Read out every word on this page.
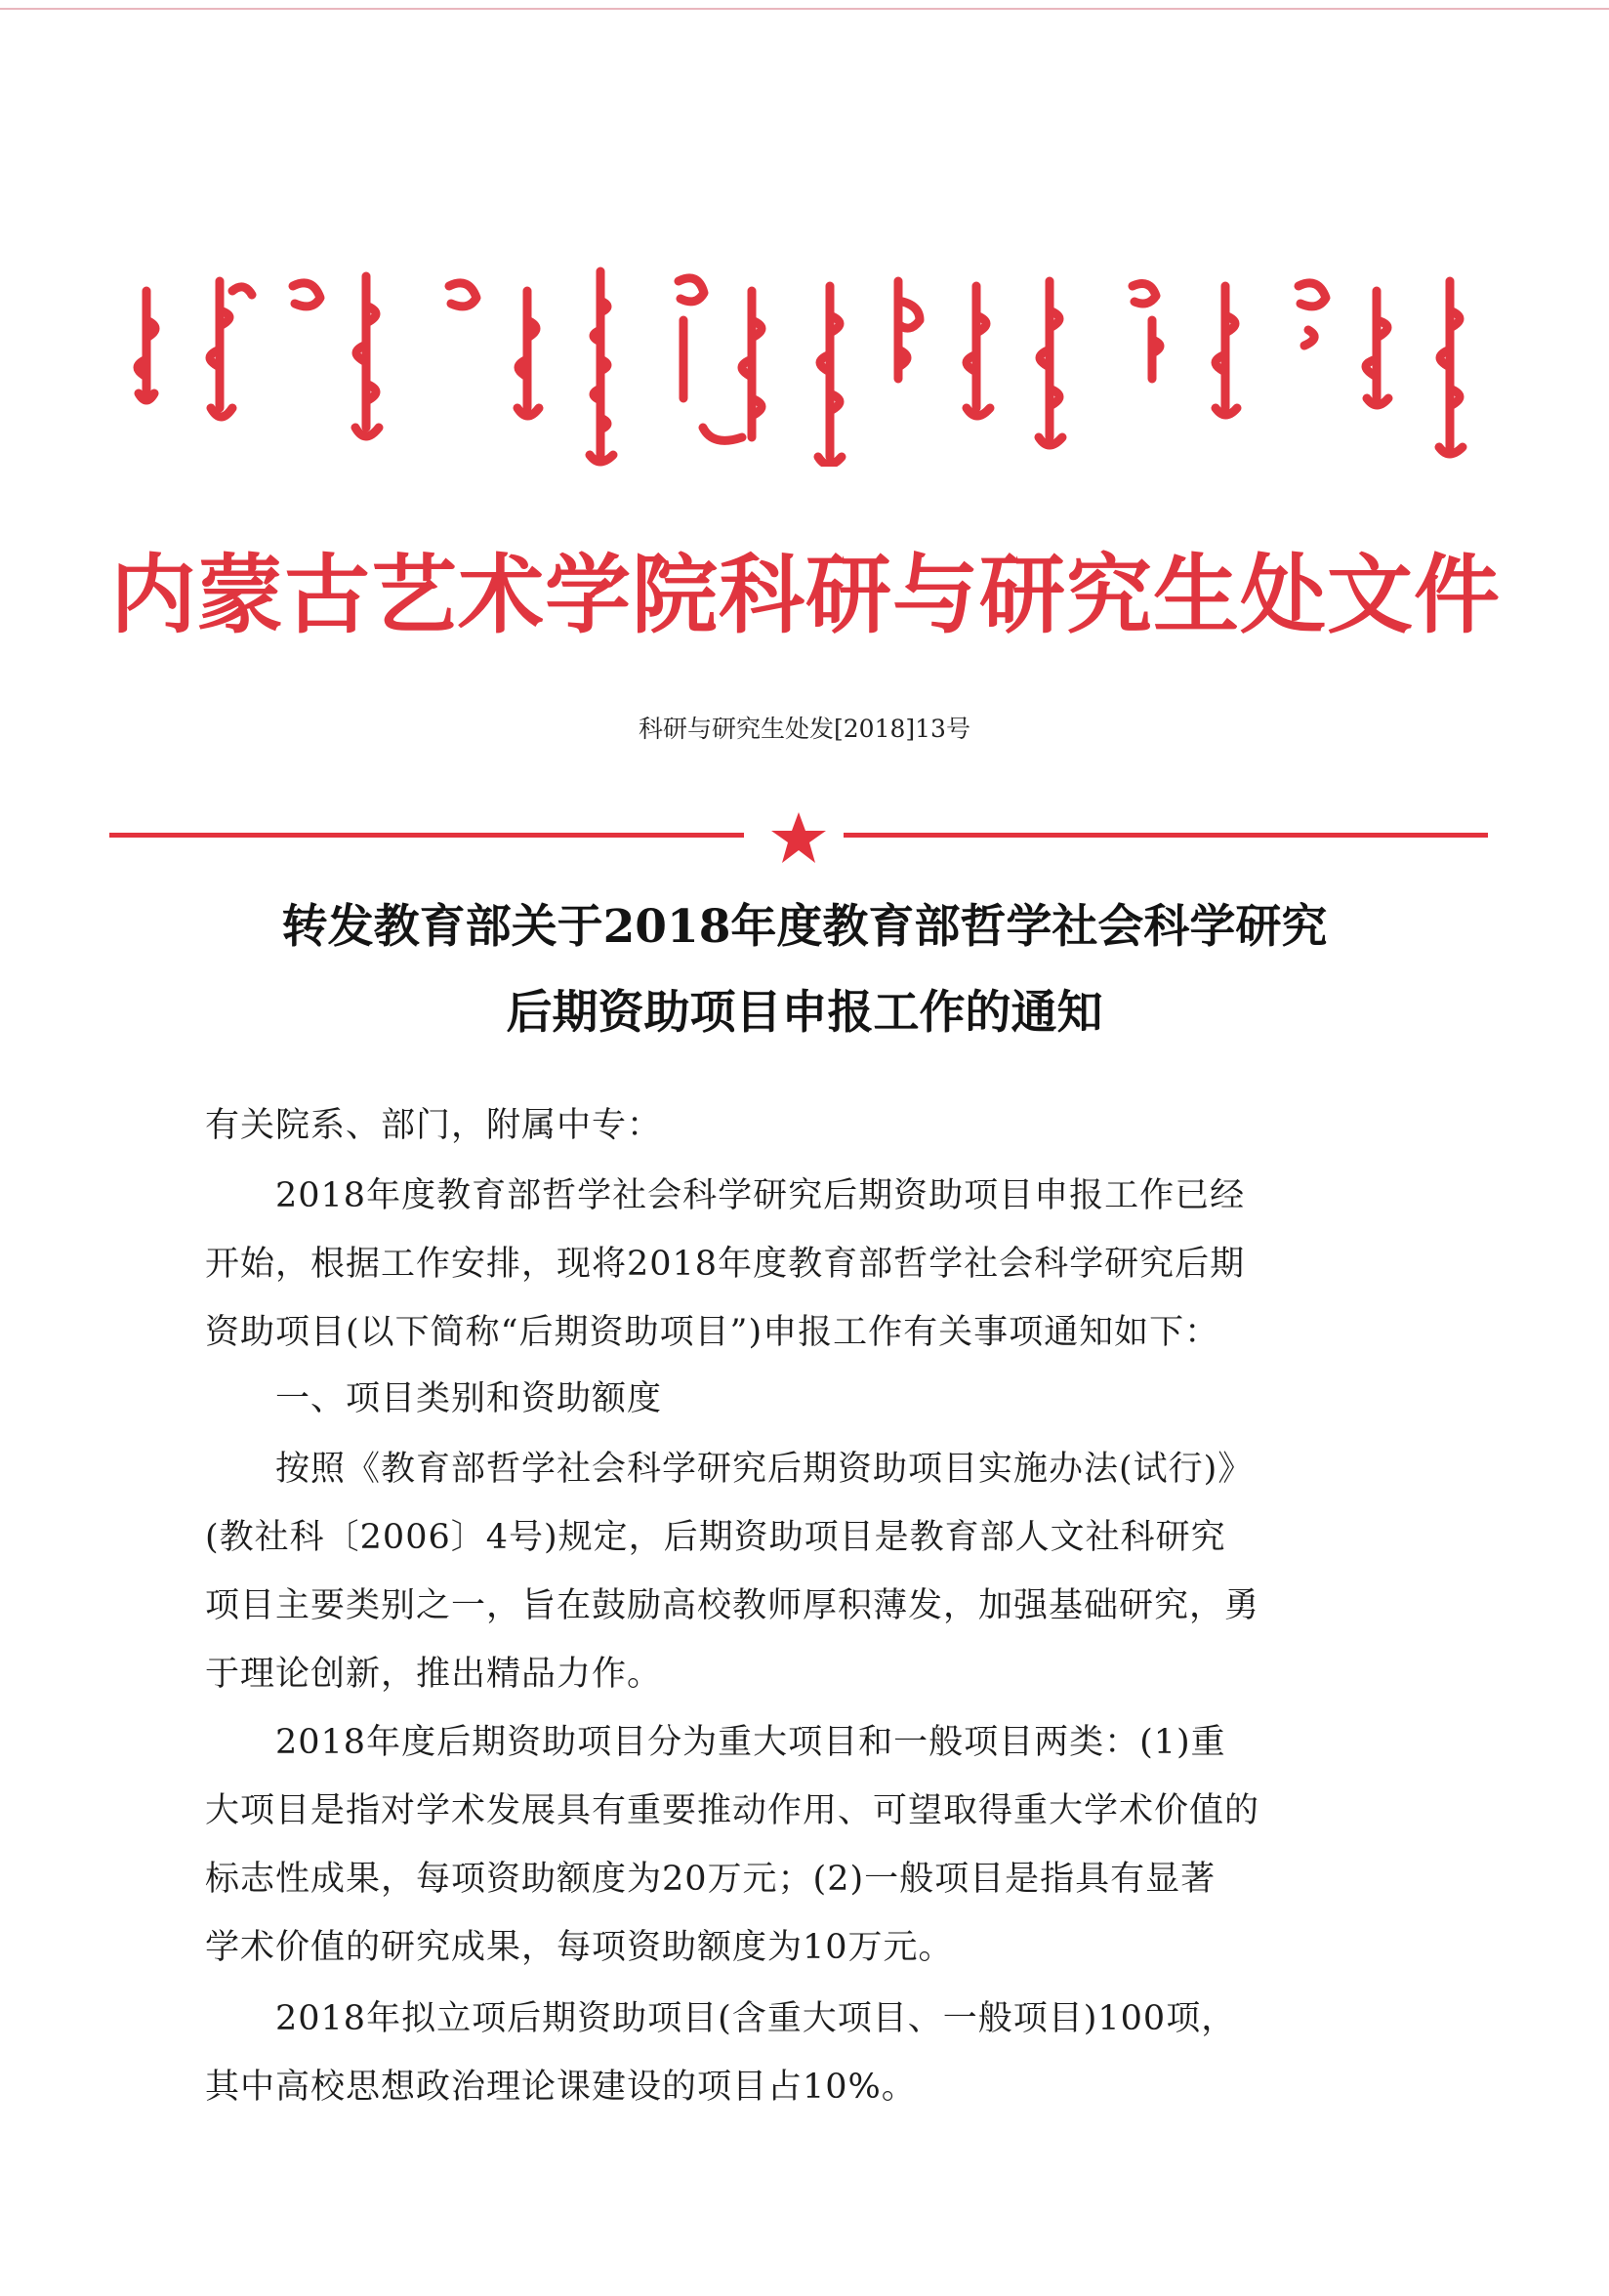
内蒙古艺术学院科研与研究生处文件
科研与研究生处发[2018]13号
转发教育部关于2018年度教育部哲学社会科学研究
后期资助项目申报工作的通知
有关院系、部门，附属中专：
2018年度教育部哲学社会科学研究后期资助项目申报工作已经
开始，根据工作安排，现将2018年度教育部哲学社会科学研究后期
资助项目(以下简称“后期资助项目”)申报工作有关事项通知如下：
一、项目类别和资助额度
按照《教育部哲学社会科学研究后期资助项目实施办法(试行)》
(教社科〔2006〕4号)规定，后期资助项目是教育部人文社科研究
项目主要类别之一，旨在鼓励高校教师厚积薄发，加强基础研究，勇
于理论创新，推出精品力作。
2018年度后期资助项目分为重大项目和一般项目两类：(1)重
大项目是指对学术发展具有重要推动作用、可望取得重大学术价值的
标志性成果，每项资助额度为20万元；(2)一般项目是指具有显著
学术价值的研究成果，每项资助额度为10万元。
2018年拟立项后期资助项目(含重大项目、一般项目)100项，
其中高校思想政治理论课建设的项目占10%。
